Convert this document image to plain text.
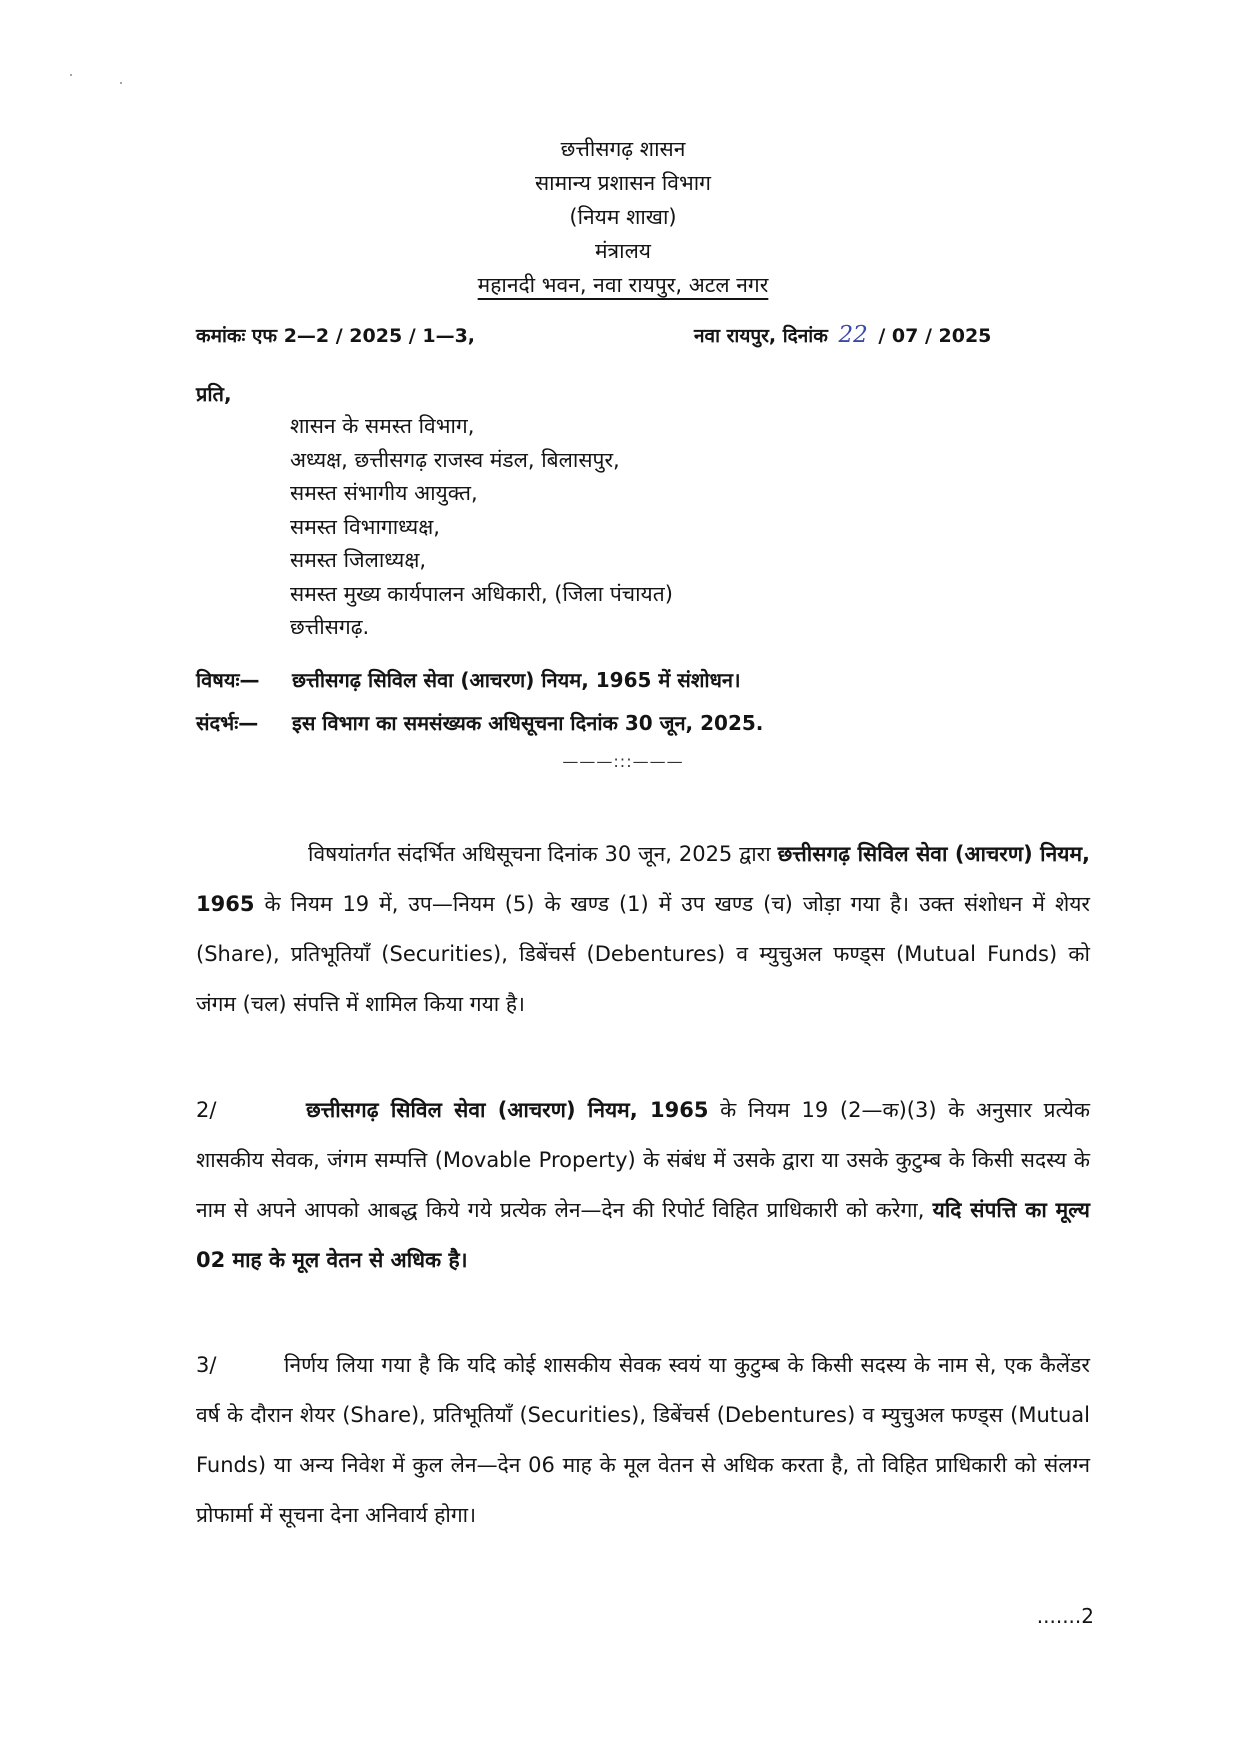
छत्तीसगढ़ शासन
सामान्य प्रशासन विभाग
(नियम शाखा)
मंत्रालय
महानदी भवन, नवा रायपुर, अटल नगर
कमांकः एफ 2—2 / 2025 / 1—3,	नवा रायपुर, दिनांक 22 / 07 / 2025
प्रति,
शासन के समस्त विभाग,
अध्यक्ष, छत्तीसगढ़ राजस्व मंडल, बिलासपुर,
समस्त संभागीय आयुक्त,
समस्त विभागाध्यक्ष,
समस्त जिलाध्यक्ष,
समस्त मुख्य कार्यपालन अधिकारी, (जिला पंचायत)
छत्तीसगढ़.
विषयः— छत्तीसगढ़ सिविल सेवा (आचरण) नियम, 1965 में संशोधन।
संदर्भः— इस विभाग का समसंख्यक अधिसूचना दिनांक 30 जून, 2025.
———:::———
विषयांतर्गत संदर्भित अधिसूचना दिनांक 30 जून, 2025 द्वारा छत्तीसगढ़ सिविल सेवा (आचरण) नियम, 1965 के नियम 19 में, उप—नियम (5) के खण्ड (1) में उप खण्ड (च) जोड़ा गया है। उक्त संशोधन में शेयर (Share), प्रतिभूतियॉं (Securities), डिबेंचर्स (Debentures) व म्युचुअल फण्ड्स (Mutual Funds) को जंगम (चल) संपत्ति में शामिल किया गया है।
2/	छत्तीसगढ़ सिविल सेवा (आचरण) नियम, 1965 के नियम 19 (2—क)(3) के अनुसार प्रत्येक शासकीय सेवक, जंगम सम्पत्ति (Movable Property) के संबंध में उसके द्वारा या उसके कुटुम्ब के किसी सदस्य के नाम से अपने आपको आबद्ध किये गये प्रत्येक लेन—देन की रिपोर्ट विहित प्राधिकारी को करेगा, यदि संपत्ति का मूल्य 02 माह के मूल वेतन से अधिक है।
3/	निर्णय लिया गया है कि यदि कोई शासकीय सेवक स्वयं या कुटुम्ब के किसी सदस्य के नाम से, एक कैलेंडर वर्ष के दौरान शेयर (Share), प्रतिभूतियॉं (Securities), डिबेंचर्स (Debentures) व म्युचुअल फण्ड्स (Mutual Funds) या अन्य निवेश में कुल लेन—देन 06 माह के मूल वेतन से अधिक करता है, तो विहित प्राधिकारी को संलग्न प्रोफार्मा में सूचना देना अनिवार्य होगा।
.......2
